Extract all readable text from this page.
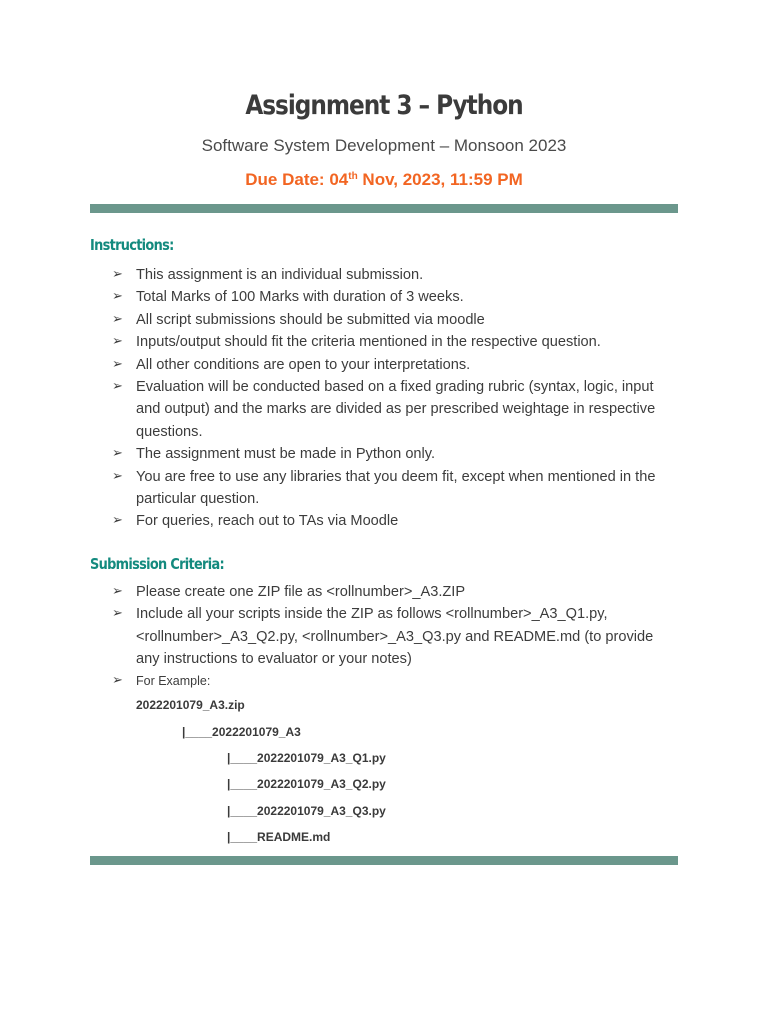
Assignment 3 – Python
Software System Development – Monsoon 2023
Due Date: 04th Nov, 2023, 11:59 PM
Instructions:
➢ This assignment is an individual submission.
➢ Total Marks of 100 Marks with duration of 3 weeks.
➢ All script submissions should be submitted via moodle
➢ Inputs/output should fit the criteria mentioned in the respective question.
➢ All other conditions are open to your interpretations.
➢ Evaluation will be conducted based on a fixed grading rubric (syntax, logic, input and output) and the marks are divided as per prescribed weightage in respective questions.
➢ The assignment must be made in Python only.
➢ You are free to use any libraries that you deem fit, except when mentioned in the particular question.
➢ For queries, reach out to TAs via Moodle
Submission Criteria:
➢ Please create one ZIP file as <rollnumber>_A3.ZIP
➢ Include all your scripts inside the ZIP as follows <rollnumber>_A3_Q1.py, <rollnumber>_A3_Q2.py, <rollnumber>_A3_Q3.py and README.md (to provide any instructions to evaluator or your notes)
➢ For Example:
2022201079_A3.zip
|____2022201079_A3
|____2022201079_A3_Q1.py
|____2022201079_A3_Q2.py
|____2022201079_A3_Q3.py
|____README.md
